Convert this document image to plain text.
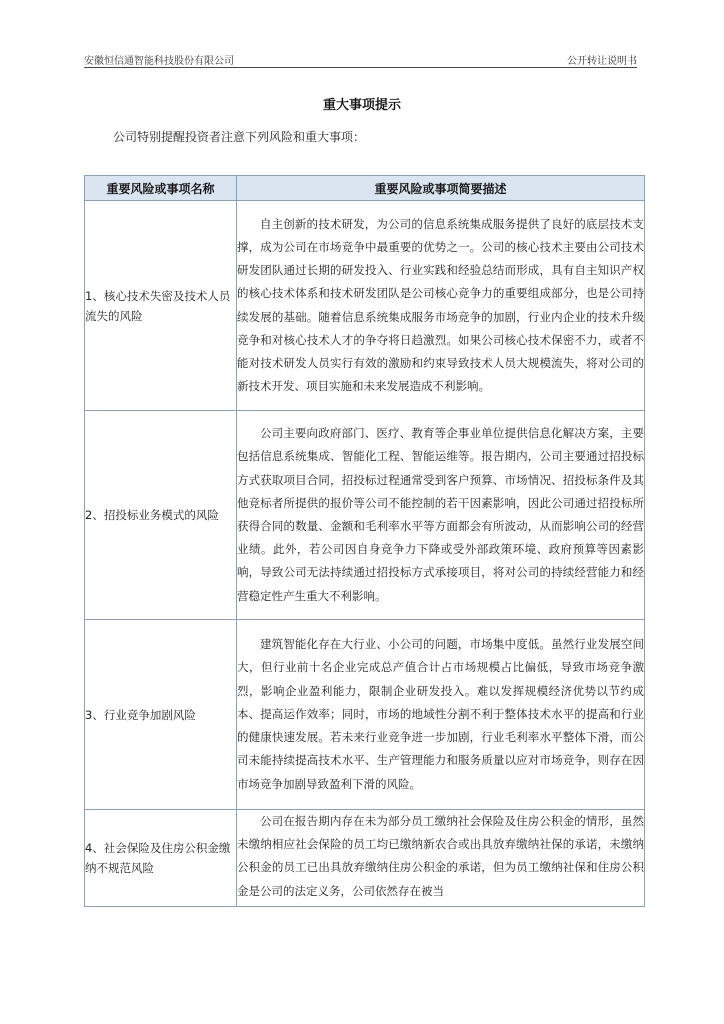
安徽恒信通智能科技股份有限公司	公开转让说明书
重大事项提示
公司特别提醒投资者注意下列风险和重大事项：
重要风险或事项名称	重要风险或事项简要描述
1、核心技术失密及技术人员流失的风险	自主创新的技术研发，为公司的信息系统集成服务提供了良好的底层技术支撑，成为公司在市场竞争中最重要的优势之一。公司的核心技术主要由公司技术研发团队通过长期的研发投入、行业实践和经验总结而形成，具有自主知识产权的核心技术体系和技术研发团队是公司核心竞争力的重要组成部分，也是公司持续发展的基础。随着信息系统集成服务市场竞争的加剧，行业内企业的技术升级竞争和对核心技术人才的争夺将日趋激烈。如果公司核心技术保密不力，或者不能对技术研发人员实行有效的激励和约束导致技术人员大规模流失，将对公司的新技术开发、项目实施和未来发展造成不利影响。
2、招投标业务模式的风险	公司主要向政府部门、医疗、教育等企事业单位提供信息化解决方案，主要包括信息系统集成、智能化工程、智能运维等。报告期内，公司主要通过招投标方式获取项目合同，招投标过程通常受到客户预算、市场情况、招投标条件及其他竞标者所提供的报价等公司不能控制的若干因素影响，因此公司通过招投标所获得合同的数量、金额和毛利率水平等方面都会有所波动，从而影响公司的经营业绩。此外，若公司因自身竞争力下降或受外部政策环境、政府预算等因素影响，导致公司无法持续通过招投标方式承接项目，将对公司的持续经营能力和经营稳定性产生重大不利影响。
3、行业竞争加剧风险	建筑智能化存在大行业、小公司的问题，市场集中度低。虽然行业发展空间大，但行业前十名企业完成总产值合计占市场规模占比偏低，导致市场竞争激烈，影响企业盈利能力，限制企业研发投入。难以发挥规模经济优势以节约成本、提高运作效率；同时，市场的地域性分割不利于整体技术水平的提高和行业的健康快速发展。若未来行业竞争进一步加剧，行业毛利率水平整体下滑，而公司未能持续提高技术水平、生产管理能力和服务质量以应对市场竞争，则存在因市场竞争加剧导致盈利下滑的风险。
4、社会保险及住房公积金缴纳不规范风险	公司在报告期内存在未为部分员工缴纳社会保险及住房公积金的情形，虽然未缴纳相应社会保险的员工均已缴纳新农合或出具放弃缴纳社保的承诺，未缴纳公积金的员工已出具放弃缴纳住房公积金的承诺，但为员工缴纳社保和住房公积金是公司的法定义务，公司依然存在被当
